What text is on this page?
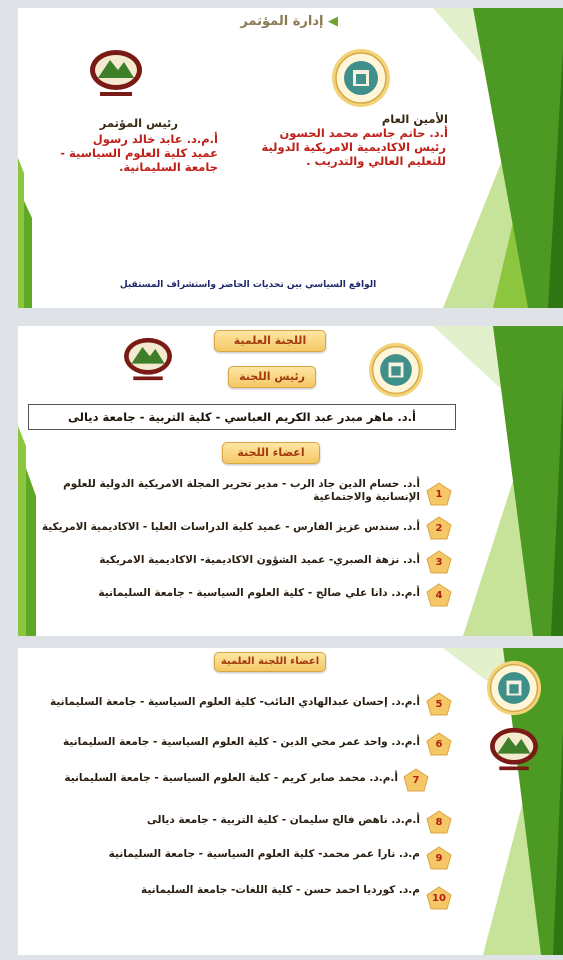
◀ إدارة المؤتمر
الأمين العام
أ.د. حاتم جاسم محمد الحسون
رئيس الاكاديمية الامريكية الدولية للتعليم العالي والتدريب .
رئيس المؤتمر
أ.م.د. عابد خالد رسول
عميد كلية العلوم السياسية - جامعة السليمانية.
الواقع السياسي بين تحديات الحاضر واستشراف المستقبل
اللجنة العلمية
رئيس اللجنة
أ.د. ماهر مبدر عبد الكريم العباسي - كلية التربية - جامعة ديالى
اعضاء اللجنة
1
أ.د. حسام الدين جاد الرب - مدير تحرير المجلة الامريكية الدولية للعلوم الإنسانية والاجتماعية
2
أ.د. سندس عزيز الفارس - عميد كلية الدراسات العليا - الاكاديمية الامريكية
3
أ.د. نزهة الصبري- عميد الشؤون الاكاديمية- الاكاديمية الامريكية
4
أ.م.د. دانا علي صالح - كلية العلوم السياسية - جامعة السليمانية
اعضاء اللجنة العلمية
5
أ.م.د. إحسان عبدالهادي النائب- كلية العلوم السياسية - جامعة السليمانية
6
أ.م.د. واحد عمر محي الدين - كلية العلوم السياسية - جامعة السليمانية
7
أ.م.د. محمد صابر كريم - كلية العلوم السياسية - جامعة السليمانية
8
أ.م.د. ناهض فالح سليمان - كلية التربية - جامعة ديالى
9
م.د. نارا عمر محمد- كلية العلوم السياسية - جامعة السليمانية
10
م.د. كورديا احمد حسن - كلية اللغات- جامعة السليمانية
